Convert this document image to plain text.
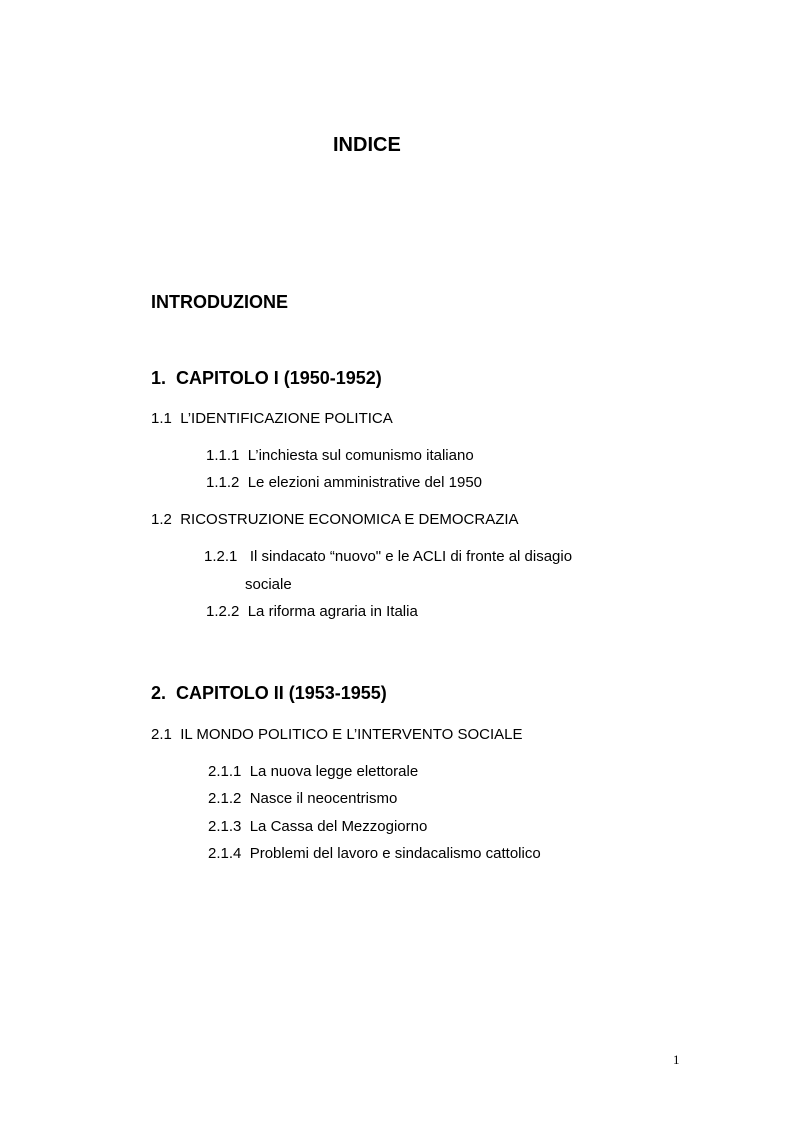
INDICE
INTRODUZIONE
1. CAPITOLO I (1950-1952)
1.1 L’IDENTIFICAZIONE POLITICA
1.1.1 L’inchiesta sul comunismo italiano
1.1.2 Le elezioni amministrative del 1950
1.2 RICOSTRUZIONE ECONOMICA E DEMOCRAZIA
1.2.1 Il sindacato “nuovo" e le ACLI di fronte al disagio
sociale
1.2.2 La riforma agraria in Italia
2. CAPITOLO II (1953-1955)
2.1 IL MONDO POLITICO E L’INTERVENTO SOCIALE
2.1.1 La nuova legge elettorale
2.1.2 Nasce il neocentrismo
2.1.3 La Cassa del Mezzogiorno
2.1.4 Problemi del lavoro e sindacalismo cattolico
1
